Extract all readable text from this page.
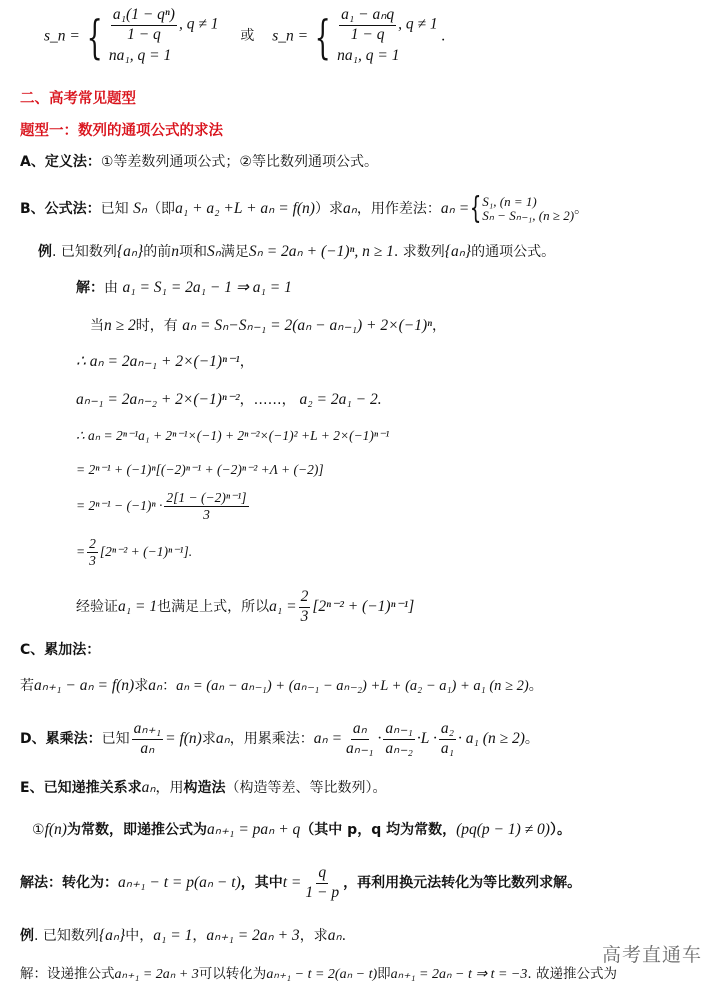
s_n = { $\frac{\text{a₁(1 − qⁿ)}}{1 - q}$ , q ≠ 1
na₁, q = 1
或 s_n = { $\frac{\text{a₁ − aₙq}}{1 - q}$ , q ≠ 1
na₁, q = 1
.
二、高考常见题型
题型一：数列的通项公式的求法
A、定义法：①等差数列通项公式；②等比数列通项公式。
B、公式法：已知 Sₙ（即a₁ + a₂ +L + aₙ = f(n)）求aₙ，用作差法：aₙ ={ S₁, (n = 1)
Sₙ − Sₙ₋₁, (n ≥ 2) 。
例. 已知数列{aₙ}的前n项和Sₙ满足Sₙ = 2aₙ + (−1)ⁿ, n ≥ 1. 求数列{aₙ}的通项公式。
解：由 a₁ = S₁ = 2a₁ − 1 ⇒ a₁ = 1
当n ≥ 2时，有 aₙ = Sₙ−Sₙ₋₁ = 2(aₙ − aₙ₋₁) + 2×(−1)ⁿ，
∴ aₙ = 2aₙ₋₁ + 2×(−1)ⁿ⁻¹，
aₙ₋₁ = 2aₙ₋₂ + 2×(−1)ⁿ⁻²，……， a₂ = 2a₁ − 2.
∴ aₙ = 2ⁿ⁻¹a₁ + 2ⁿ⁻¹×(−1) + 2ⁿ⁻²×(−1)² +L + 2×(−1)ⁿ⁻¹
= 2ⁿ⁻¹ + (−1)ⁿ[(−2)ⁿ⁻¹ + (−2)ⁿ⁻² +Λ + (−2)]
= $2^{n-1} - (-1)^n \cdot \frac{\text{2[1 − (−2)ⁿ⁻¹]}}{3}$
= $\frac{2}{3} [2^{n-2} + (-1)^{n-1}]$.
经验证a₁ = 1也满足上式，所以$a_1 = \frac{2}{3} [2^{n-2} + (-1)^{n-1}]$
C、累加法：
若aₙ₊₁ − aₙ = f(n)求aₙ：aₙ = (aₙ − aₙ₋₁) + (aₙ₋₁ − aₙ₋₂) +L + (a₂ − a₁) + a₁ (n ≥ 2)。
D、累乘法：已知 $\frac{\text{aₙ₊₁}}{\text{aₙ}} = f(n)$求aₙ，用累乘法：$a_n = \frac{\text{aₙ}}{\text{aₙ₋₁}} \cdot \frac{\text{aₙ₋₁}}{\text{aₙ₋₂}} \cdot L \cdot \frac{\text{a₂}}{\text{a₁}} \cdot a_1$ (n ≥ 2)。
E、已知递推关系求aₙ，用构造法（构造等差、等比数列）。
①f(n)为常数，即递推公式为aₙ₊₁ = paₙ + q（其中 p，q 均为常数，(pq(p − 1) ≠ 0)）。
解法：转化为：aₙ₊₁ − t = p(aₙ − t)，其中$t = \frac{q}{1 - p}$ ，再利用换元法转化为等比数列求解。
例. 已知数列{aₙ}中，a₁ = 1，aₙ₊₁ = 2aₙ + 3，求aₙ.
解：设递推公式aₙ₊₁ = 2aₙ + 3可以转化为aₙ₊₁ − t = 2(aₙ − t)即aₙ₊₁ = 2aₙ − t ⇒ t = −3. 故递推公式为
高考直通车
